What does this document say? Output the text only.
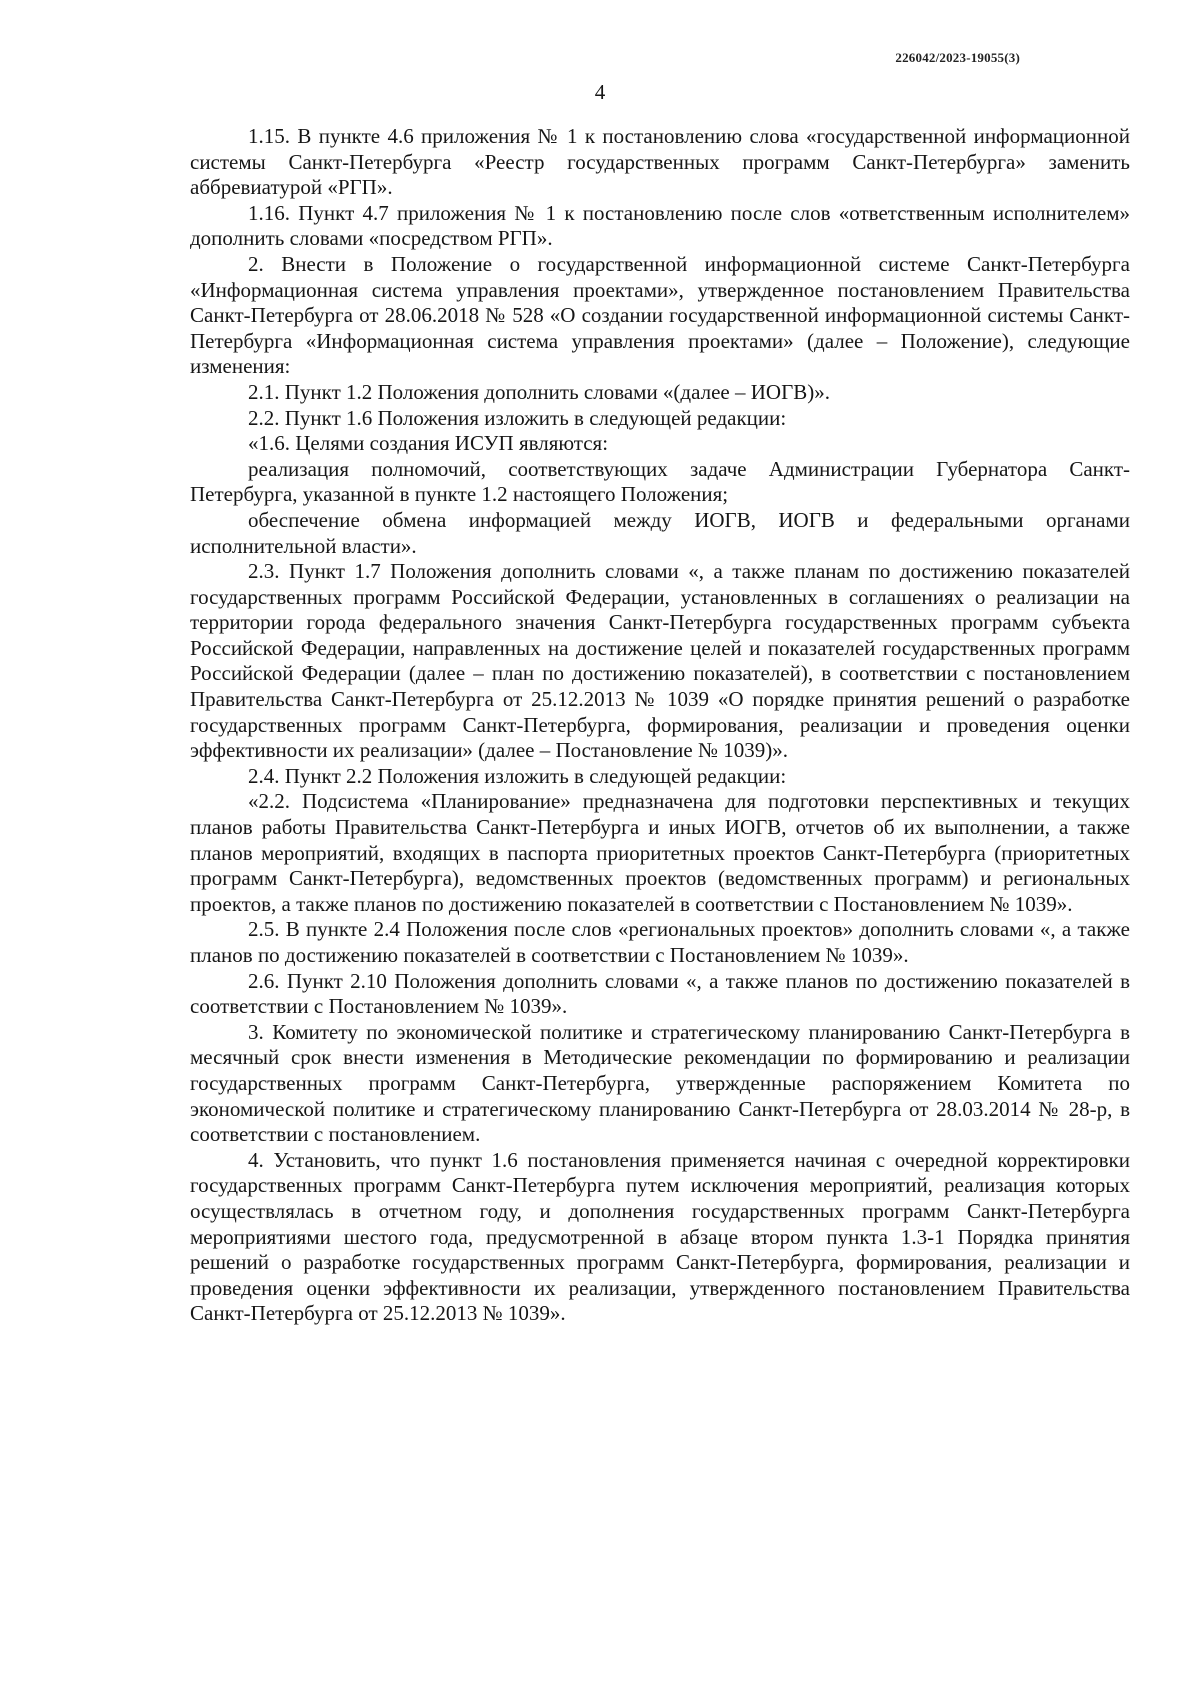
226042/2023-19055(3)
4

1.15. В пункте 4.6 приложения № 1 к постановлению слова «государственной информационной системы Санкт-Петербурга «Реестр государственных программ Санкт-Петербурга» заменить аббревиатурой «РГП».

1.16. Пункт 4.7 приложения № 1 к постановлению после слов «ответственным исполнителем» дополнить словами «посредством РГП».

2. Внести в Положение о государственной информационной системе Санкт-Петербурга «Информационная система управления проектами», утвержденное постановлением Правительства Санкт-Петербурга от 28.06.2018 № 528 «О создании государственной информационной системы Санкт-Петербурга «Информационная система управления проектами» (далее – Положение), следующие изменения:

2.1. Пункт 1.2 Положения дополнить словами «(далее – ИОГВ)».

2.2. Пункт 1.6 Положения изложить в следующей редакции:

«1.6. Целями создания ИСУП являются:

реализация полномочий, соответствующих задаче Администрации Губернатора Санкт-Петербурга, указанной в пункте 1.2 настоящего Положения;

обеспечение обмена информацией между ИОГВ, ИОГВ и федеральными органами исполнительной власти».

2.3. Пункт 1.7 Положения дополнить словами «, а также планам по достижению показателей государственных программ Российской Федерации, установленных в соглашениях о реализации на территории города федерального значения Санкт-Петербурга государственных программ субъекта Российской Федерации, направленных на достижение целей и показателей государственных программ Российской Федерации (далее – план по достижению показателей), в соответствии с постановлением Правительства Санкт-Петербурга от 25.12.2013 № 1039 «О порядке принятия решений о разработке государственных программ Санкт-Петербурга, формирования, реализации и проведения оценки эффективности их реализации» (далее – Постановление № 1039)».

2.4. Пункт 2.2 Положения изложить в следующей редакции:

«2.2. Подсистема «Планирование» предназначена для подготовки перспективных и текущих планов работы Правительства Санкт-Петербурга и иных ИОГВ, отчетов об их выполнении, а также планов мероприятий, входящих в паспорта приоритетных проектов Санкт-Петербурга (приоритетных программ Санкт-Петербурга), ведомственных проектов (ведомственных программ) и региональных проектов, а также планов по достижению показателей в соответствии с Постановлением № 1039».

2.5. В пункте 2.4 Положения после слов «региональных проектов» дополнить словами «, а также планов по достижению показателей в соответствии с Постановлением № 1039».

2.6. Пункт 2.10 Положения дополнить словами «, а также планов по достижению показателей в соответствии с Постановлением № 1039».

3. Комитету по экономической политике и стратегическому планированию Санкт-Петербурга в месячный срок внести изменения в Методические рекомендации по формированию и реализации государственных программ Санкт-Петербурга, утвержденные распоряжением Комитета по экономической политике и стратегическому планированию Санкт-Петербурга от 28.03.2014 № 28-р, в соответствии с постановлением.

4. Установить, что пункт 1.6 постановления применяется начиная с очередной корректировки государственных программ Санкт-Петербурга путем исключения мероприятий, реализация которых осуществлялась в отчетном году, и дополнения государственных программ Санкт-Петербурга мероприятиями шестого года, предусмотренной в абзаце втором пункта 1.3-1 Порядка принятия решений о разработке государственных программ Санкт-Петербурга, формирования, реализации и проведения оценки эффективности их реализации, утвержденного постановлением Правительства Санкт-Петербурга от 25.12.2013 № 1039».
